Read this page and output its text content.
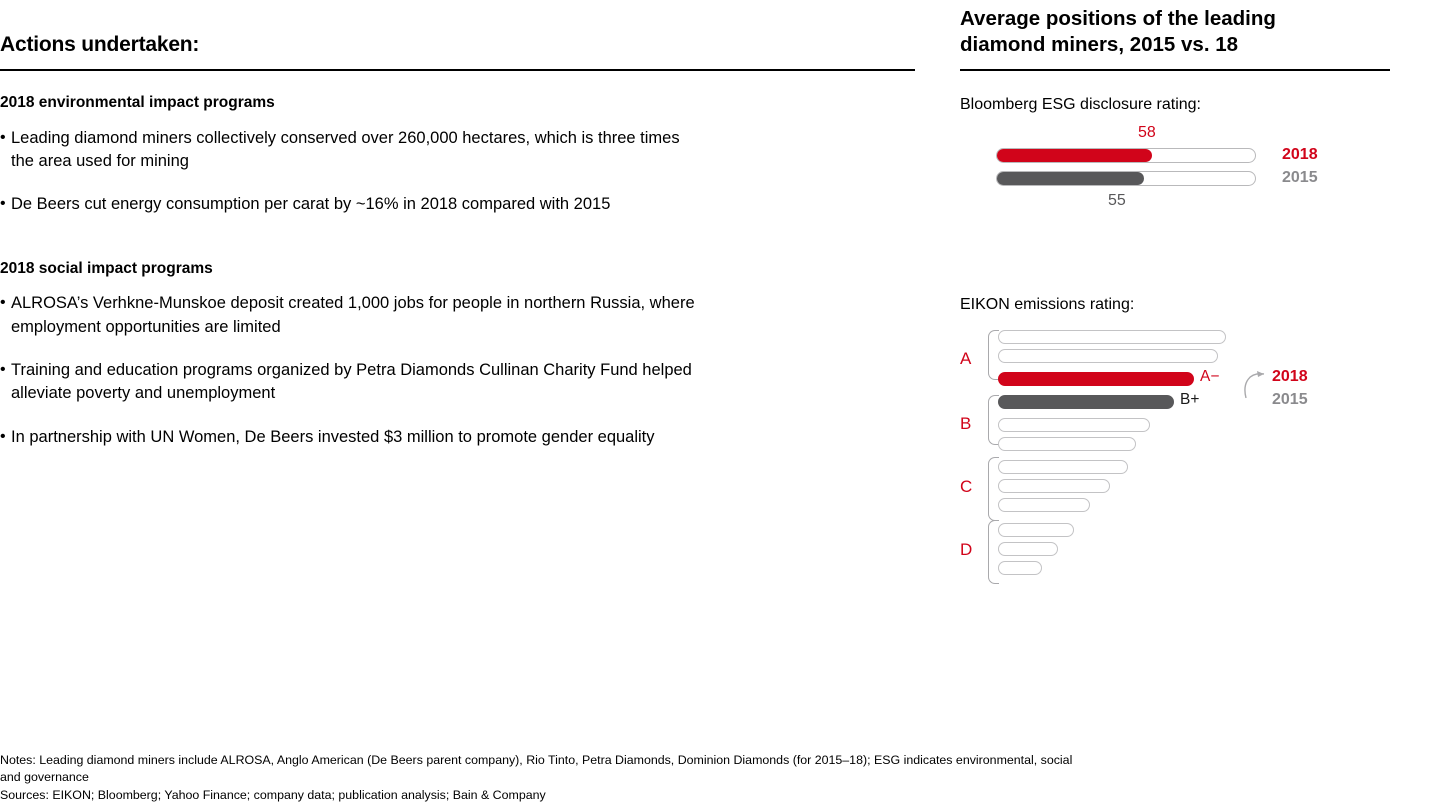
Actions undertaken:
2018 environmental impact programs
• Leading diamond miners collectively conserved over 260,000 hectares, which is three times the area used for mining
• De Beers cut energy consumption per carat by ~16% in 2018 compared with 2015
2018 social impact programs
• ALROSA’s Verhkne-Munskoe deposit created 1,000 jobs for people in northern Russia, where employment opportunities are limited
• Training and education programs organized by Petra Diamonds Cullinan Charity Fund helped alleviate poverty and unemployment
• In partnership with UN Women, De Beers invested $3 million to promote gender equality
Average positions of the leading diamond miners, 2015 vs. 18
Bloomberg ESG disclosure rating:
58
55
2018
2015
EIKON emissions rating:
A
A−
B+
2018
2015
B
C
D
Notes: Leading diamond miners include ALROSA, Anglo American (De Beers parent company), Rio Tinto, Petra Diamonds, Dominion Diamonds (for 2015–18); ESG indicates environmental, social
and governance
Sources: EIKON; Bloomberg; Yahoo Finance; company data; publication analysis; Bain & Company
